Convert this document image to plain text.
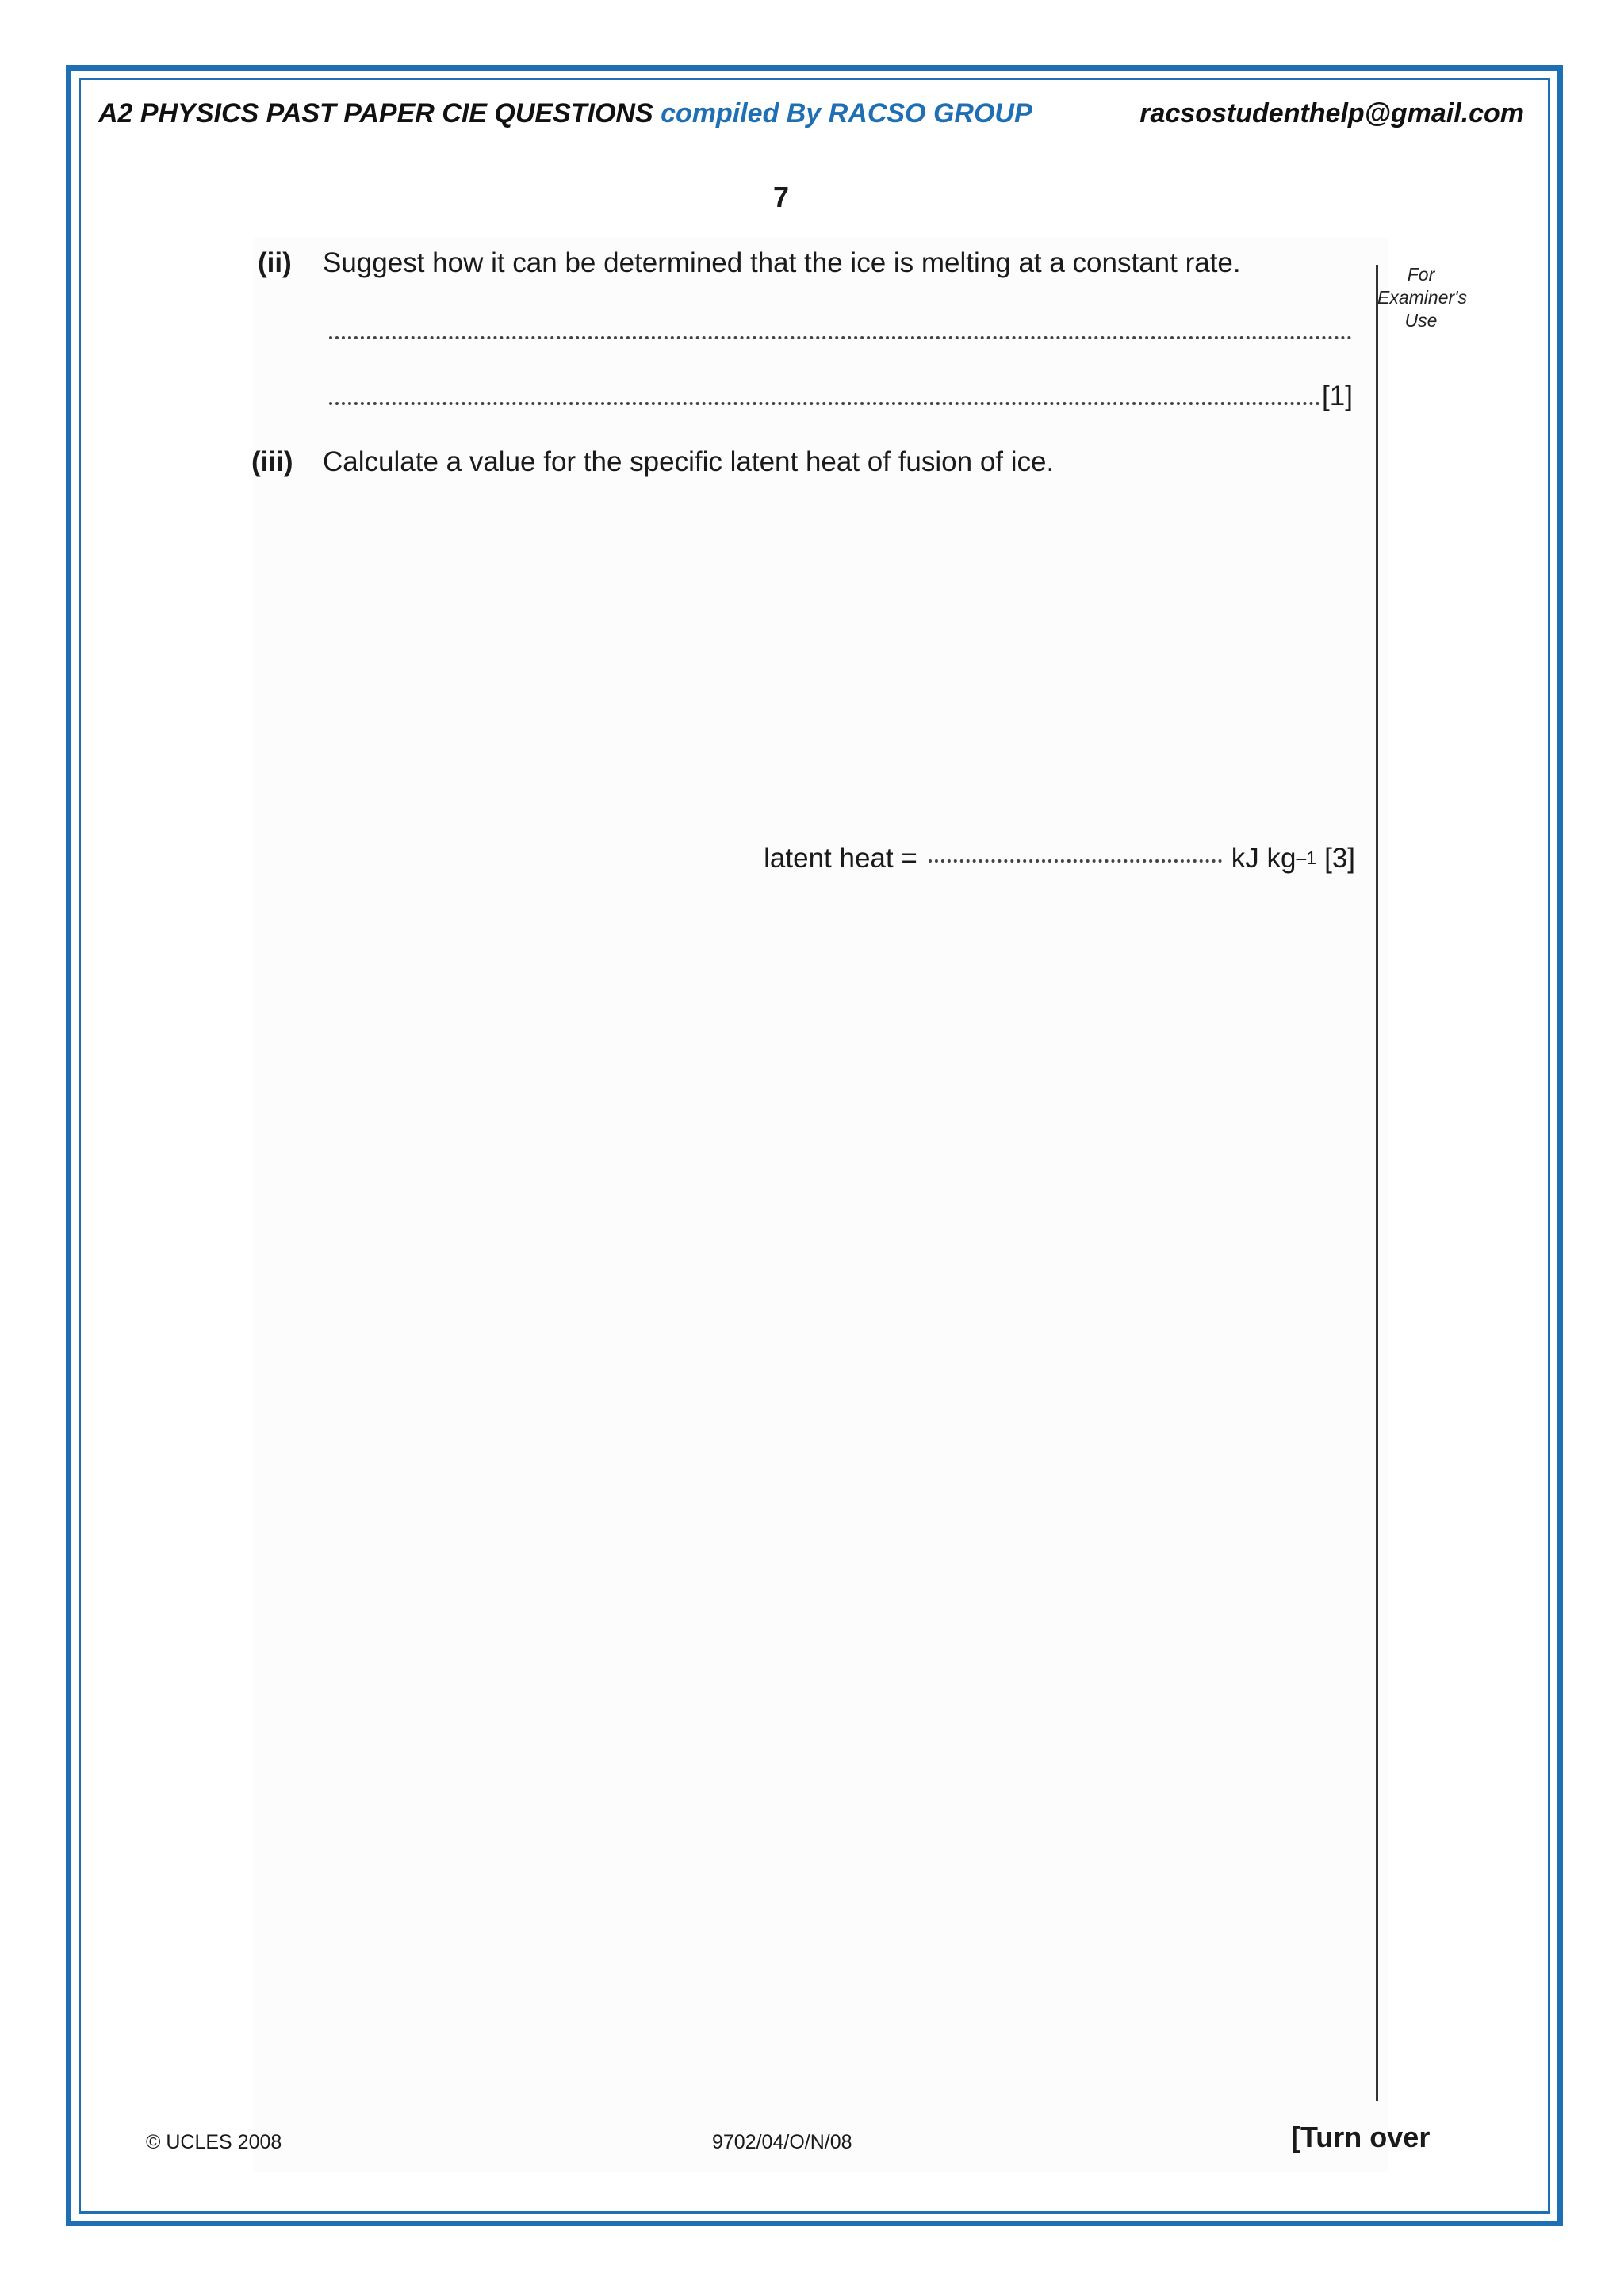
A2 PHYSICS PAST PAPER CIE QUESTIONS compiled By RACSO GROUP	racsostudenthelp@gmail.com
7
For
Examiner's
Use
(ii) Suggest how it can be determined that the ice is melting at a constant rate.
[1]
(iii) Calculate a value for the specific latent heat of fusion of ice.
latent heat =	kJ $kg^{-1}$ [3]
© UCLES 2008	9702/04/O/N/08	[Turn over
